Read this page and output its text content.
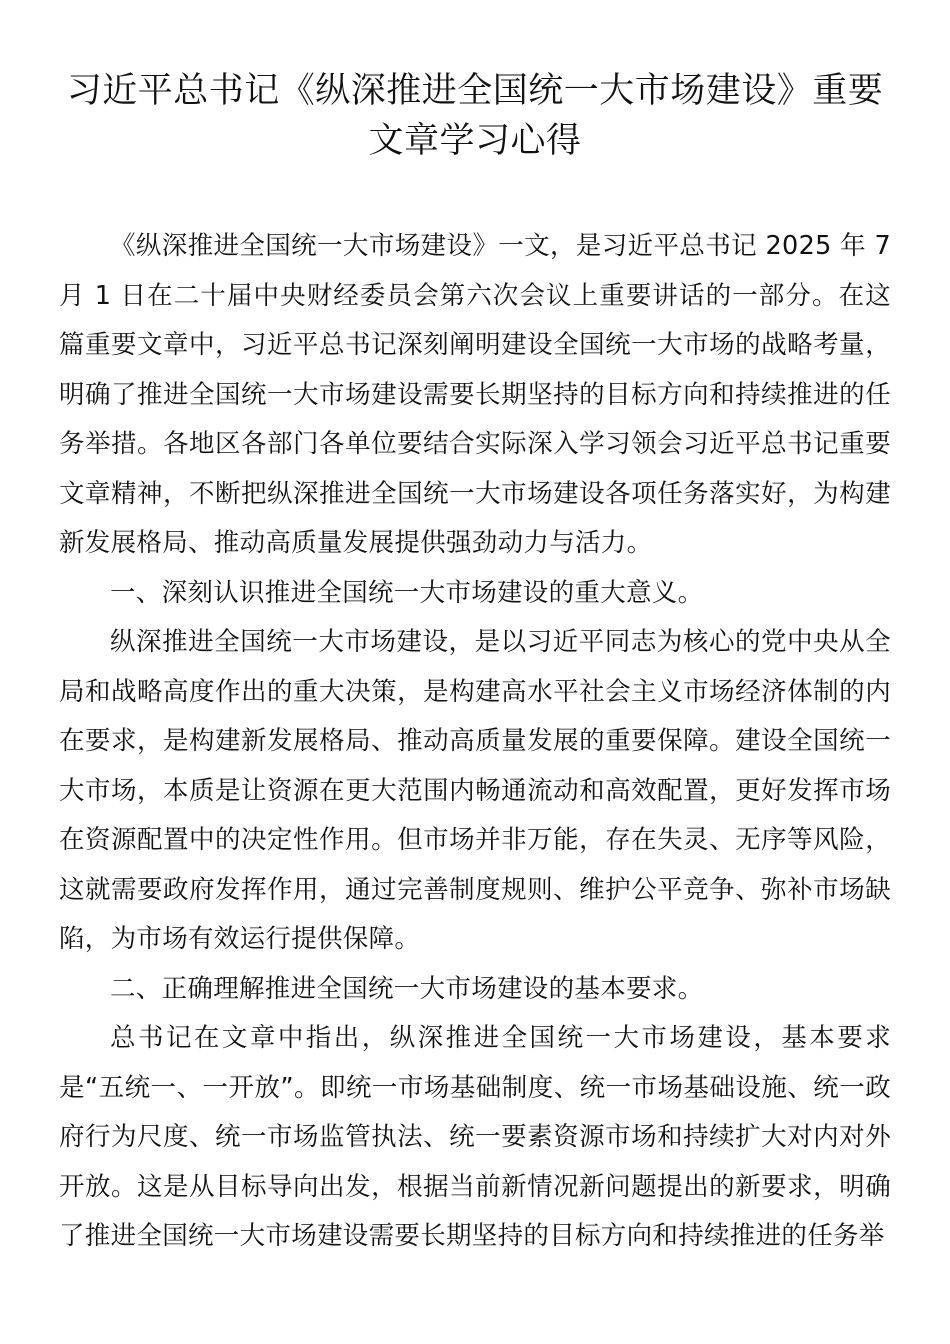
习近平总书记《纵深推进全国统一大市场建设》重要
文章学习心得

《纵深推进全国统一大市场建设》一文，是习近平总书记 2025 年 7 月 1 日在二十届中央财经委员会第六次会议上重要讲话的一部分。在这篇重要文章中，习近平总书记深刻阐明建设全国统一大市场的战略考量，明确了推进全国统一大市场建设需要长期坚持的目标方向和持续推进的任务举措。各地区各部门各单位要结合实际深入学习领会习近平总书记重要文章精神，不断把纵深推进全国统一大市场建设各项任务落实好，为构建新发展格局、推动高质量发展提供强劲动力与活力。

一、深刻认识推进全国统一大市场建设的重大意义。

纵深推进全国统一大市场建设，是以习近平同志为核心的党中央从全局和战略高度作出的重大决策，是构建高水平社会主义市场经济体制的内在要求，是构建新发展格局、推动高质量发展的重要保障。建设全国统一大市场，本质是让资源在更大范围内畅通流动和高效配置，更好发挥市场在资源配置中的决定性作用。但市场并非万能，存在失灵、无序等风险，这就需要政府发挥作用，通过完善制度规则、维护公平竞争、弥补市场缺陷，为市场有效运行提供保障。

二、正确理解推进全国统一大市场建设的基本要求。

总书记在文章中指出，纵深推进全国统一大市场建设，基本要求是“五统一、一开放”。即统一市场基础制度、统一市场基础设施、统一政府行为尺度、统一市场监管执法、统一要素资源市场和持续扩大对内对外开放。这是从目标导向出发，根据当前新情况新问题提出的新要求，明确了推进全国统一大市场建设需要长期坚持的目标方向和持续推进的任务举
